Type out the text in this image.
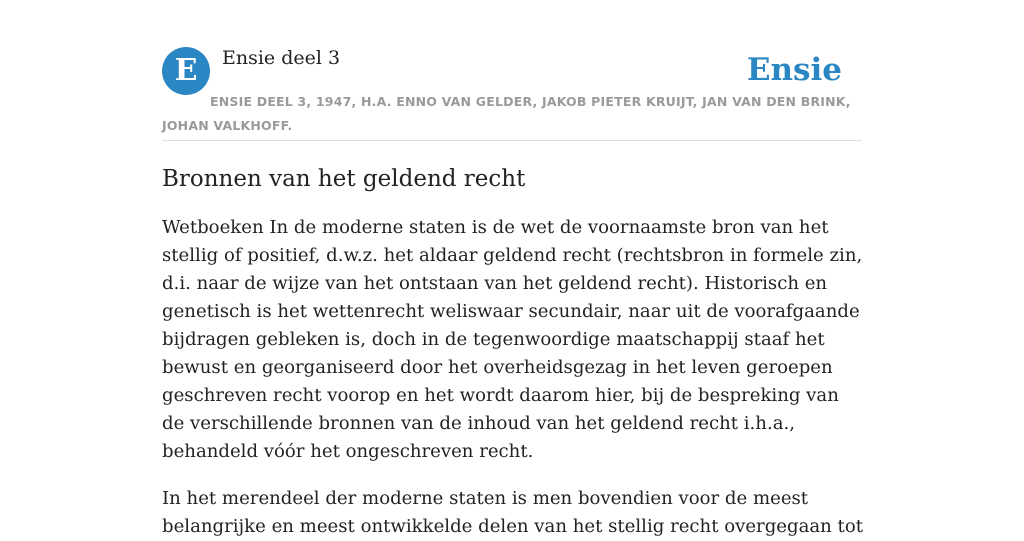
E	Ensie deel 3	Ensie
ENSIE DEEL 3, 1947, H.A. ENNO VAN GELDER, JAKOB PIETER KRUIJT, JAN VAN DEN BRINK, JOHAN VALKHOFF.
Bronnen van het geldend recht

Wetboeken In de moderne staten is de wet de voornaamste bron van het stellig of positief, d.w.z. het aldaar geldend recht (rechtsbron in formele zin, d.i. naar de wijze van het ontstaan van het geldend recht). Historisch en genetisch is het wettenrecht weliswaar secundair, naar uit de voorafgaande bijdragen gebleken is, doch in de tegenwoordige maatschappij staaf het bewust en georganiseerd door het overheidsgezag in het leven geroepen geschreven recht voorop en het wordt daarom hier, bij de bespreking van de verschillende bronnen van de inhoud van het geldend recht i.h.a., behandeld vóór het ongeschreven recht.

In het merendeel der moderne staten is men bovendien voor de meest belangrijke en meest ontwikkelde delen van het stellig recht overgegaan tot
